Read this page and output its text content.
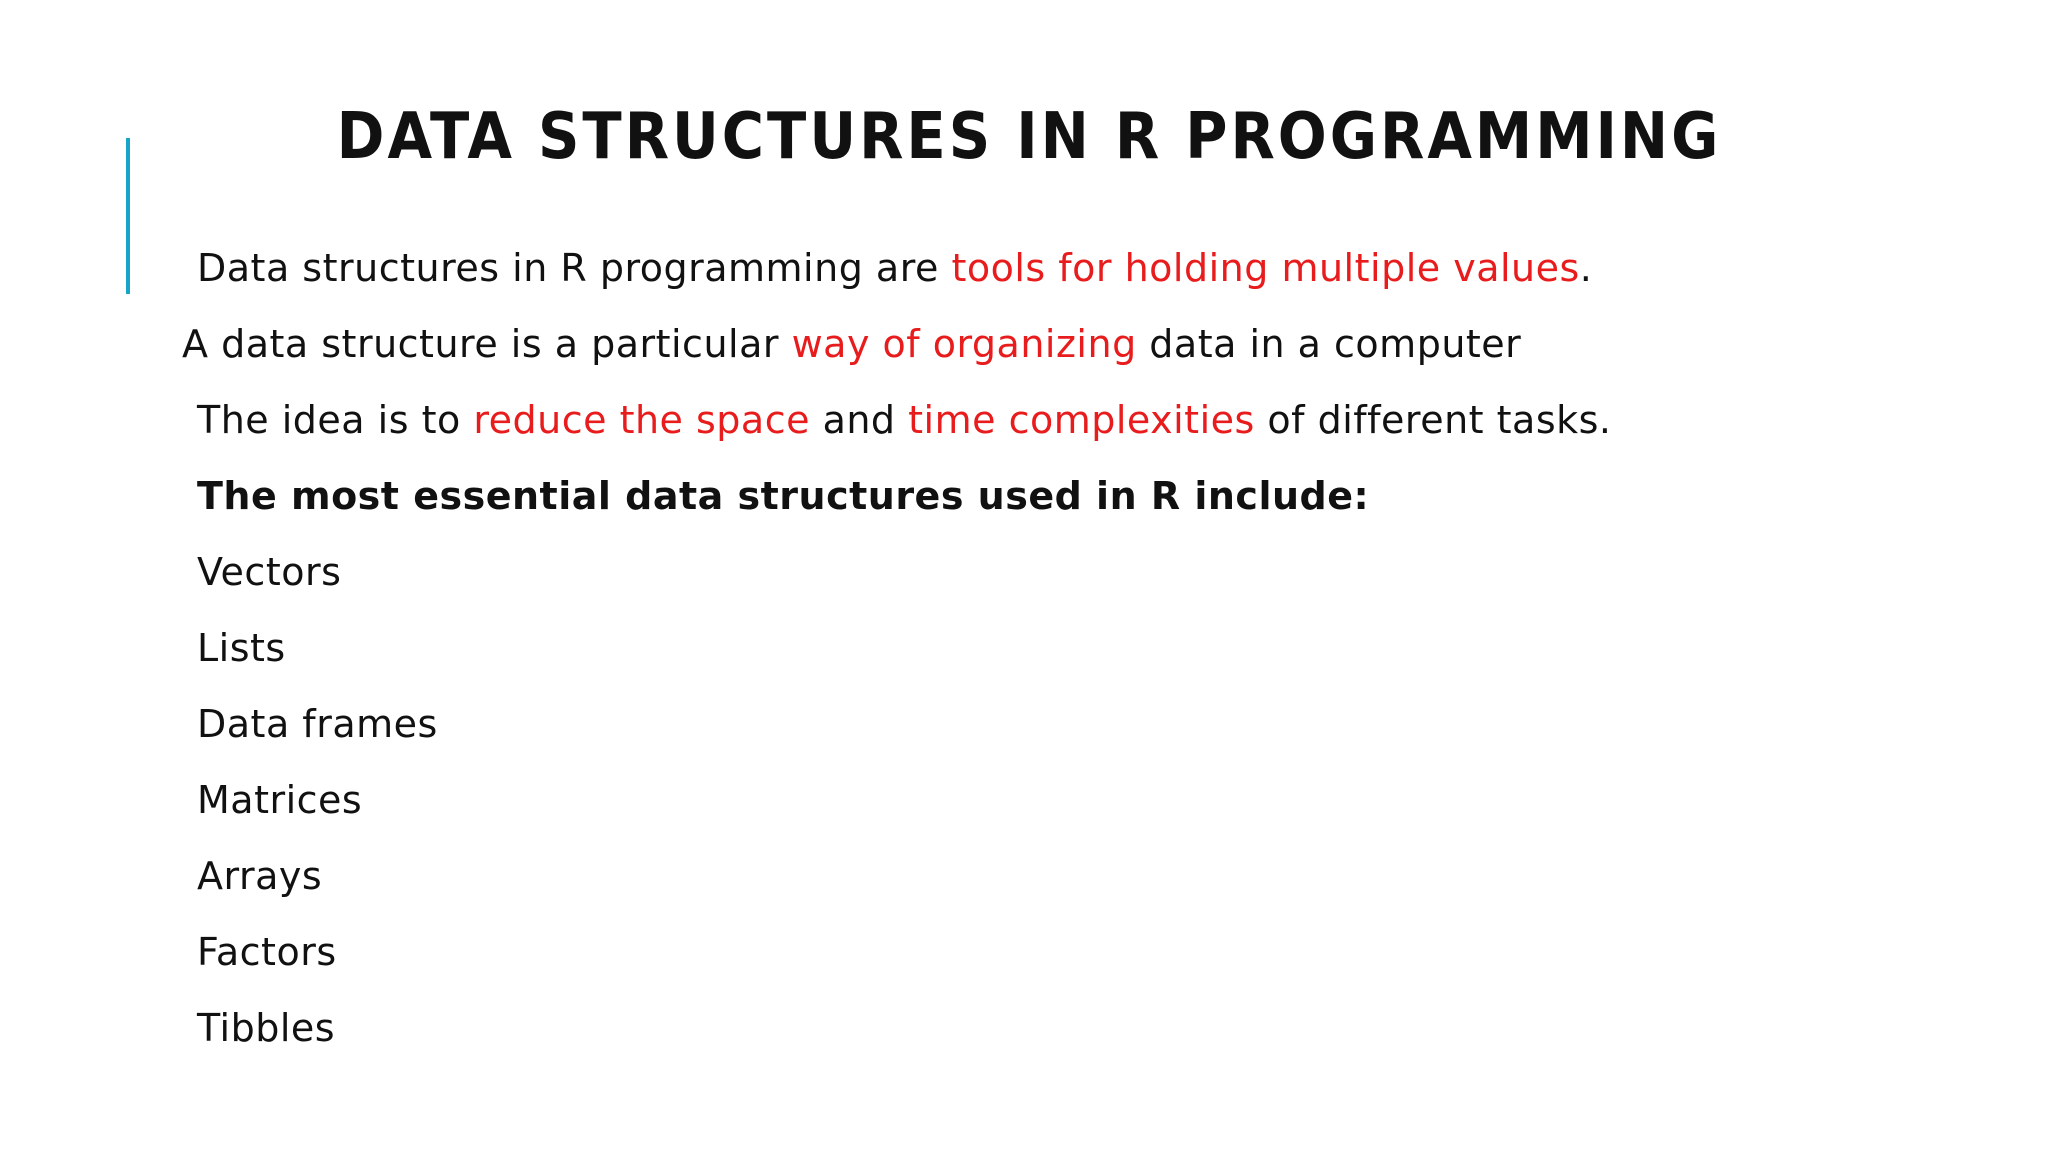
DATA STRUCTURES IN R PROGRAMMING
Data structures in R programming are tools for holding multiple values.
A data structure is a particular way of organizing data in a computer
The idea is to reduce the space and time complexities of different tasks.
The most essential data structures used in R include:
Vectors
Lists
Data frames
Matrices
Arrays
Factors
Tibbles
